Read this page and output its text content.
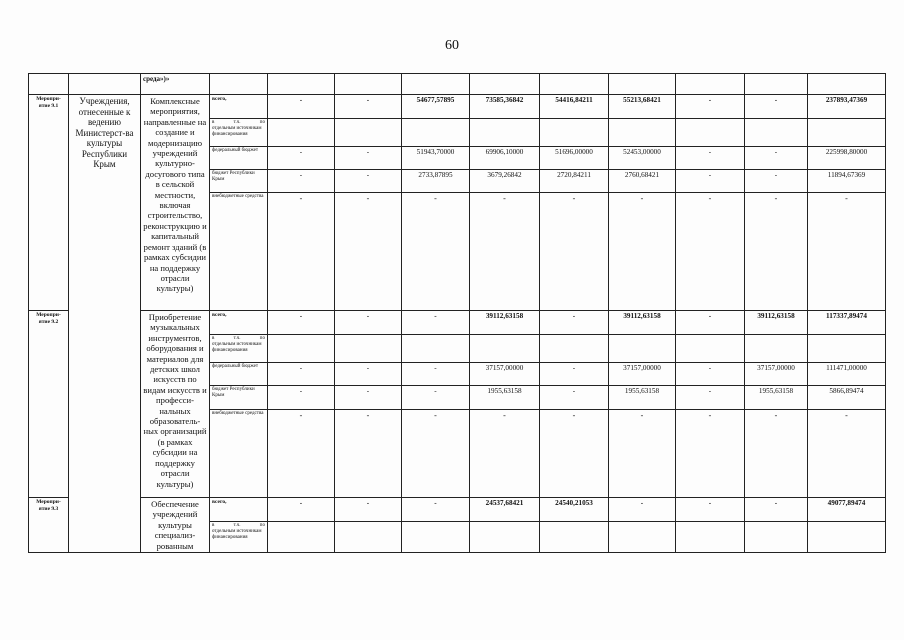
60
		среда»)»										
Меропри-ятие 9.1	Учреждения, отнесенные к ведению Министерст-ва культуры Республики Крым	Комплексные мероприятия, направленные на создание и модернизацию учреждений культурно-досугового типа в сельской местности, включая строительство, реконструкцию и капитальный ремонт зданий (в рамках субсидии на поддержку отрасли культуры)	всего,	-	-	54677,57895	73585,36842	54416,84211	55213,68421	-	-	237893,47369

			в т.ч. по
отдельным источникам финансирования									
			федеральный бюджет	-	-	51943,70000	69906,10000	51696,00000	52453,00000	-	-	225998,80000
			бюджет Республики Крым	-	-	2733,87895	3679,26842	2720,84211	2760,68421	-	-	11894,67369
			внебюджетные средства	-	-	-	-	-	-	-	-	-
Меропри-ятие 9.2		Приобретение музыкальных инструментов, оборудования и материалов для детских школ искусств по видам искусств и професси-нальных образователь-ных организаций (в рамках субсидии на поддержку отрасли культуры)	всего,	-	-	-	39112,63158	-	39112,63158	-	39112,63158	117337,89474

			в т.ч. по
отдельным источникам финансирования									
			федеральный бюджет	-	-	-	37157,00000	-	37157,00000	-	37157,00000	111471,00000
			бюджет Республики Крым	-	-	-	1955,63158	-	1955,63158	-	1955,63158	5866,89474
			внебюджетные средства	-	-	-	-	-	-	-	-	-
Меропри-ятие 9.3		Обеспечение учреждений культуры специализ-рованным	всего,	-	-	-	24537,68421	24540,21053	-	-	-	49077,89474

			в т.ч. по
отдельным источникам финансирования									
